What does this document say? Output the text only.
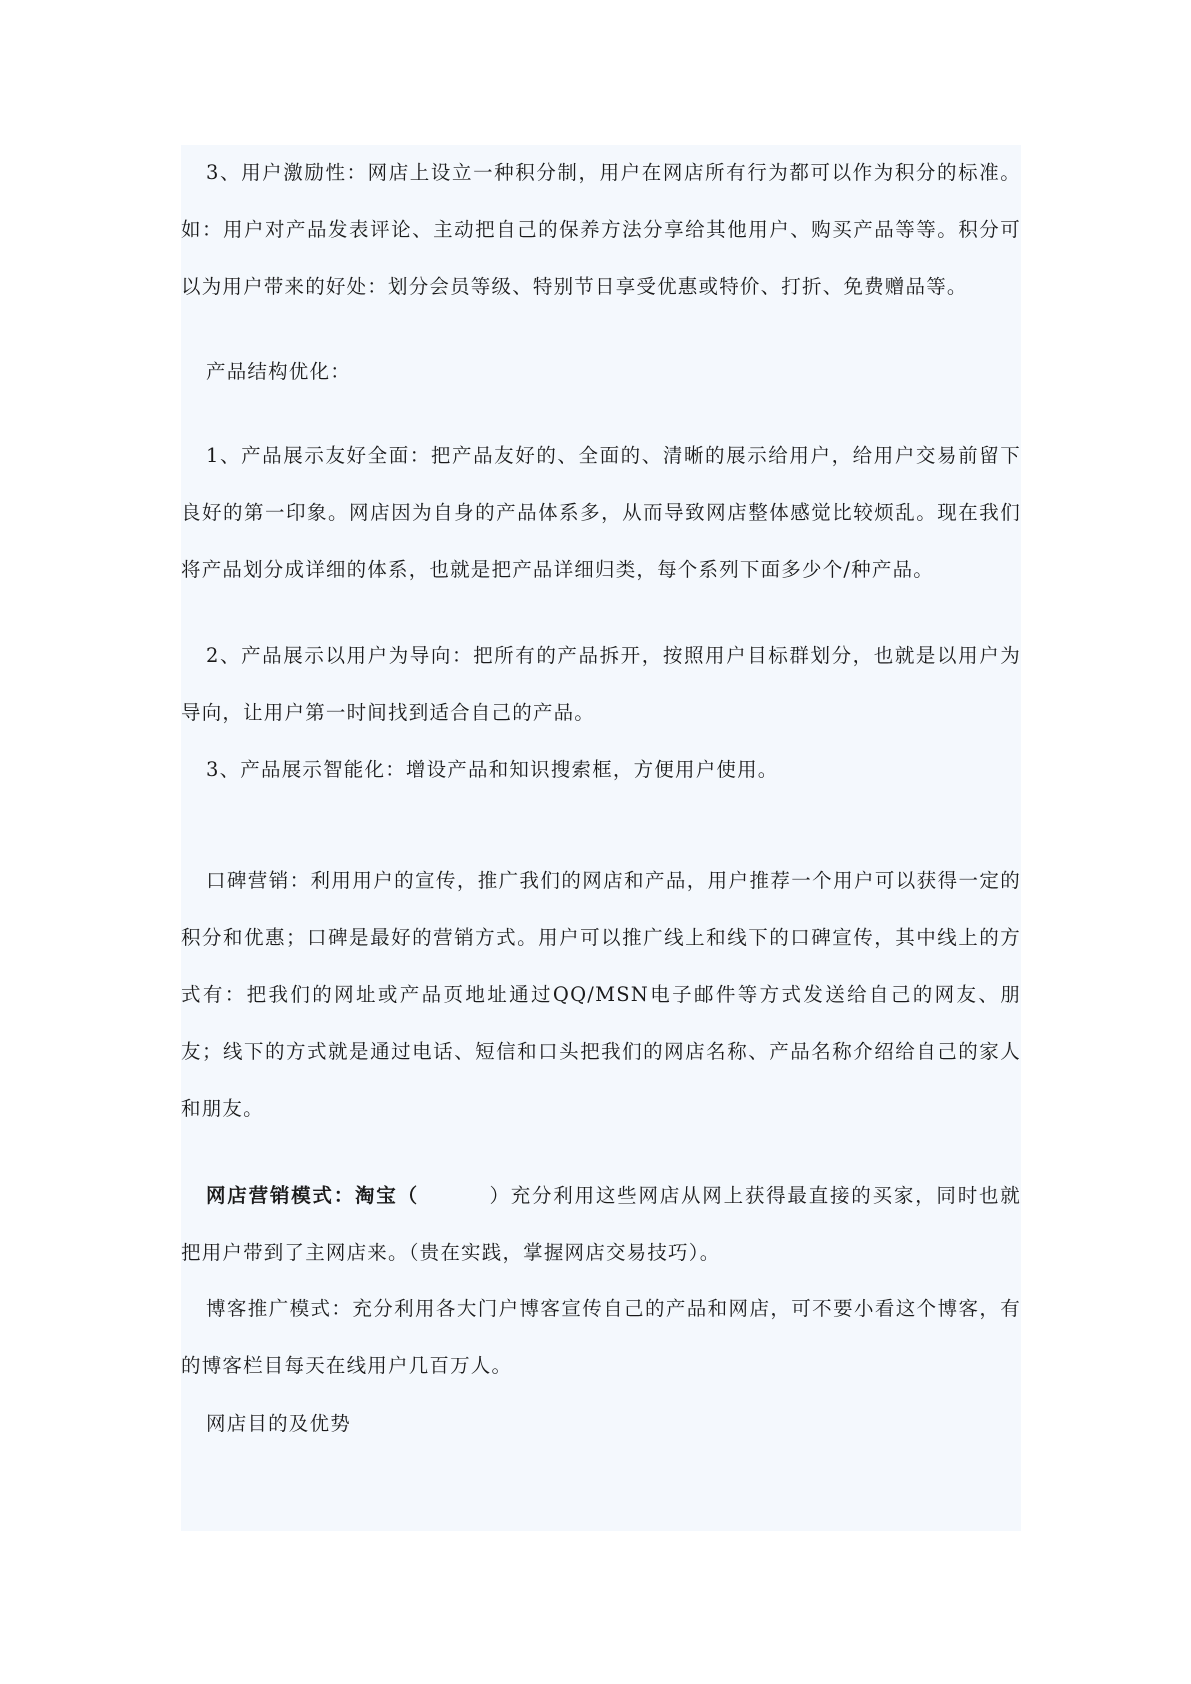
3、用户激励性：网店上设立一种积分制，用户在网店所有行为都可以作为积分的标准。如：用户对产品发表评论、主动把自己的保养方法分享给其他用户、购买产品等等。积分可以为用户带来的好处：划分会员等级、特别节日享受优惠或特价、打折、免费赠品等。

产品结构优化：

1、产品展示友好全面：把产品友好的、全面的、清晰的展示给用户，给用户交易前留下良好的第一印象。网店因为自身的产品体系多，从而导致网店整体感觉比较烦乱。现在我们将产品划分成详细的体系，也就是把产品详细归类，每个系列下面多少个/种产品。

2、产品展示以用户为导向：把所有的产品拆开，按照用户目标群划分，也就是以用户为导向，让用户第一时间找到适合自己的产品。

3、产品展示智能化：增设产品和知识搜索框，方便用户使用。

口碑营销：利用用户的宣传，推广我们的网店和产品，用户推荐一个用户可以获得一定的积分和优惠；口碑是最好的营销方式。用户可以推广线上和线下的口碑宣传，其中线上的方式有：把我们的网址或产品页地址通过QQ/MSN电子邮件等方式发送给自己的网友、朋友；线下的方式就是通过电话、短信和口头把我们的网店名称、产品名称介绍给自己的家人和朋友。

网店营销模式：淘宝（	）充分利用这些网店从网上获得最直接的买家，同时也就把用户带到了主网店来。（贵在实践，掌握网店交易技巧）。

博客推广模式：充分利用各大门户博客宣传自己的产品和网店，可不要小看这个博客，有的博客栏目每天在线用户几百万人。

网店目的及优势
